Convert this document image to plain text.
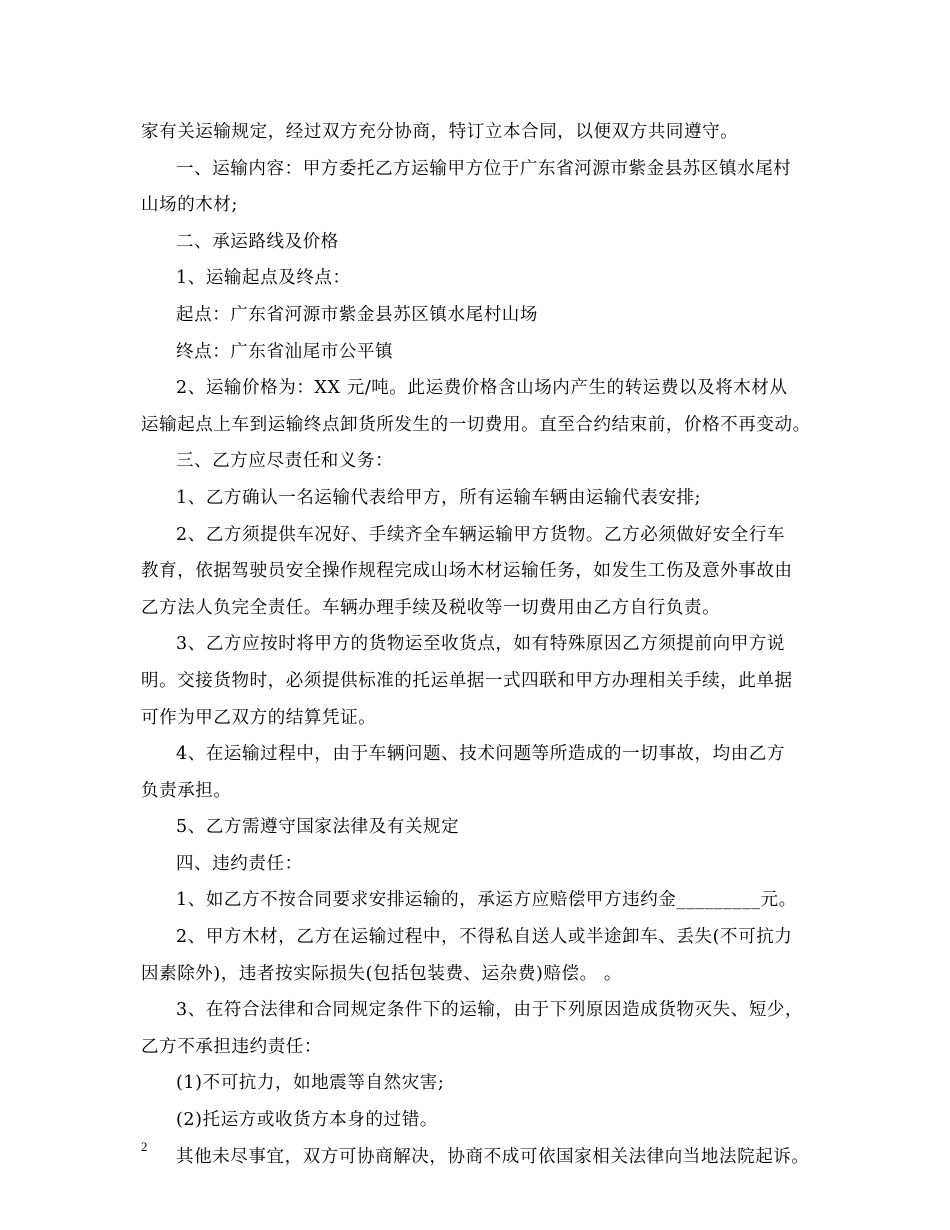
家有关运输规定，经过双方充分协商，特订立本合同，以便双方共同遵守。
一、运输内容：甲方委托乙方运输甲方位于广东省河源市紫金县苏区镇水尾村
山场的木材;
二、承运路线及价格
1、运输起点及终点：
起点：广东省河源市紫金县苏区镇水尾村山场
终点：广东省汕尾市公平镇
2、运输价格为：XX 元/吨。此运费价格含山场内产生的转运费以及将木材从
运输起点上车到运输终点卸货所发生的一切费用。直至合约结束前，价格不再变动。
三、乙方应尽责任和义务：
1、乙方确认一名运输代表给甲方，所有运输车辆由运输代表安排;
2、乙方须提供车况好、手续齐全车辆运输甲方货物。乙方必须做好安全行车
教育，依据驾驶员安全操作规程完成山场木材运输任务，如发生工伤及意外事故由
乙方法人负完全责任。车辆办理手续及税收等一切费用由乙方自行负责。
3、乙方应按时将甲方的货物运至收货点，如有特殊原因乙方须提前向甲方说
明。交接货物时，必须提供标准的托运单据一式四联和甲方办理相关手续，此单据
可作为甲乙双方的结算凭证。
4、在运输过程中，由于车辆问题、技术问题等所造成的一切事故，均由乙方
负责承担。
5、乙方需遵守国家法律及有关规定
四、违约责任：
1、如乙方不按合同要求安排运输的，承运方应赔偿甲方违约金_________元。
2、甲方木材，乙方在运输过程中，不得私自送人或半途卸车、丢失(不可抗力
因素除外)，违者按实际损失(包括包装费、运杂费)赔偿。 。
3、在符合法律和合同规定条件下的运输，由于下列原因造成货物灭失、短少，
乙方不承担违约责任：
(1)不可抗力，如地震等自然灾害;
(2)托运方或收货方本身的过错。
其他未尽事宜，双方可协商解决，协商不成可依国家相关法律向当地法院起诉。
2
